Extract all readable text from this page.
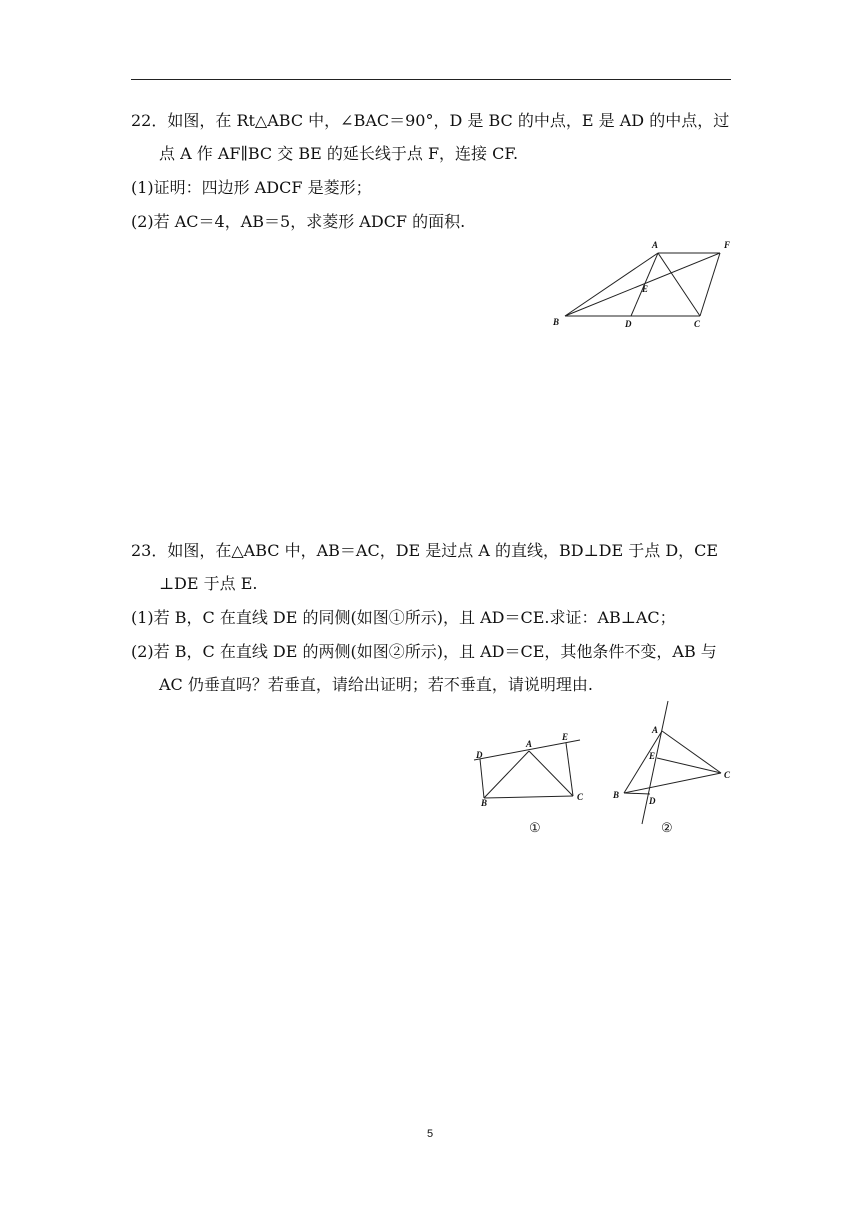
22．如图，在 Rt△ABC 中，∠BAC＝90°，D 是 BC 的中点，E 是 AD 的中点，过
点 A 作 AF∥BC 交 BE 的延长线于点 F，连接 CF.
(1)证明：四边形 ADCF 是菱形；
(2)若 AC＝4，AB＝5，求菱形 ADCF 的面积.
A	F
E
B	D	C
23．如图，在△ABC 中，AB＝AC，DE 是过点 A 的直线，BD⊥DE 于点 D，CE
⊥DE 于点 E.
(1)若 B，C 在直线 DE 的同侧(如图①所示)，且 AD＝CE.求证：AB⊥AC；
(2)若 B，C 在直线 DE 的两侧(如图②所示)，且 AD＝CE，其他条件不变，AB 与
AC 仍垂直吗？若垂直，请给出证明；若不垂直，请说明理由.
D
A
E
B
C
①
A
E
C
B
D
②
5
